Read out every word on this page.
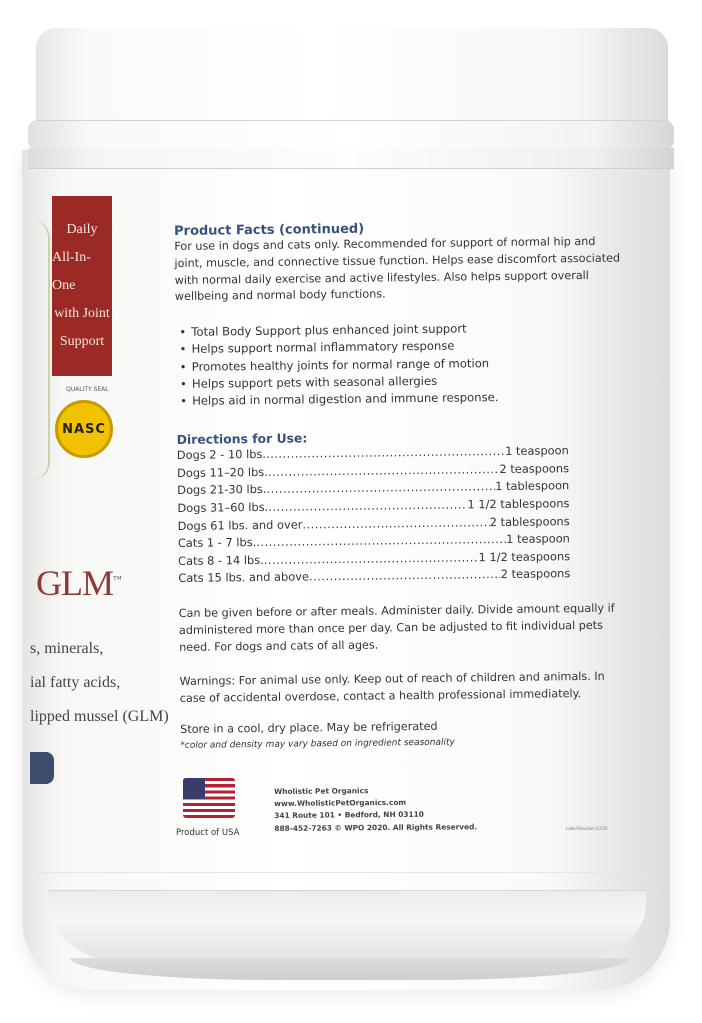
Daily
All-In-One
with Joint
Support
QUALITY SEAL
NASC
GLM™
s, minerals,
ial fatty acids,
lipped mussel (GLM)
Product Facts (continued)

For use in dogs and cats only. Recommended for support of normal hip and joint, muscle, and connective tissue function. Helps ease discomfort associated with normal daily exercise and active lifestyles. Also helps support overall wellbeing and normal body functions.

• Total Body Support plus enhanced joint support
• Helps support normal inflammatory response
• Promotes healthy joints for normal range of motion
• Helps support pets with seasonal allergies
• Helps aid in normal digestion and immune response.
Directions for Use:
Dogs 2 - 10 lbs. .....	1 teaspoon
Dogs 11–20 lbs. .....	2 teaspoons
Dogs 21-30 lbs. .....	1 tablespoon
Dogs 31–60 lbs. .....	1 1/2 tablespoons
Dogs 61 lbs. and over .....	2 tablespoons
Cats 1 - 7 lbs. .....	1 teaspoon
Cats 8 - 14 lbs. .....	1 1/2 teaspoons
Cats 15 lbs. and above .....	2 teaspoons

Can be given before or after meals. Administer daily. Divide amount equally if administered more than once per day. Can be adjusted to fit individual pets need. For dogs and cats of all ages.

Warnings: For animal use only. Keep out of reach of children and animals. In case of accidental overdose, contact a health professional immediately.

Store in a cool, dry place. May be refrigerated

*color and density may vary based on ingredient seasonality

Product of USA
Wholistic Pet Organics
www.WholisticPetOrganics.com
341 Route 101 • Bedford, NH 03110
888-452-7263 © WPO 2020. All Rights Reserved.	Label Revision 07/20
